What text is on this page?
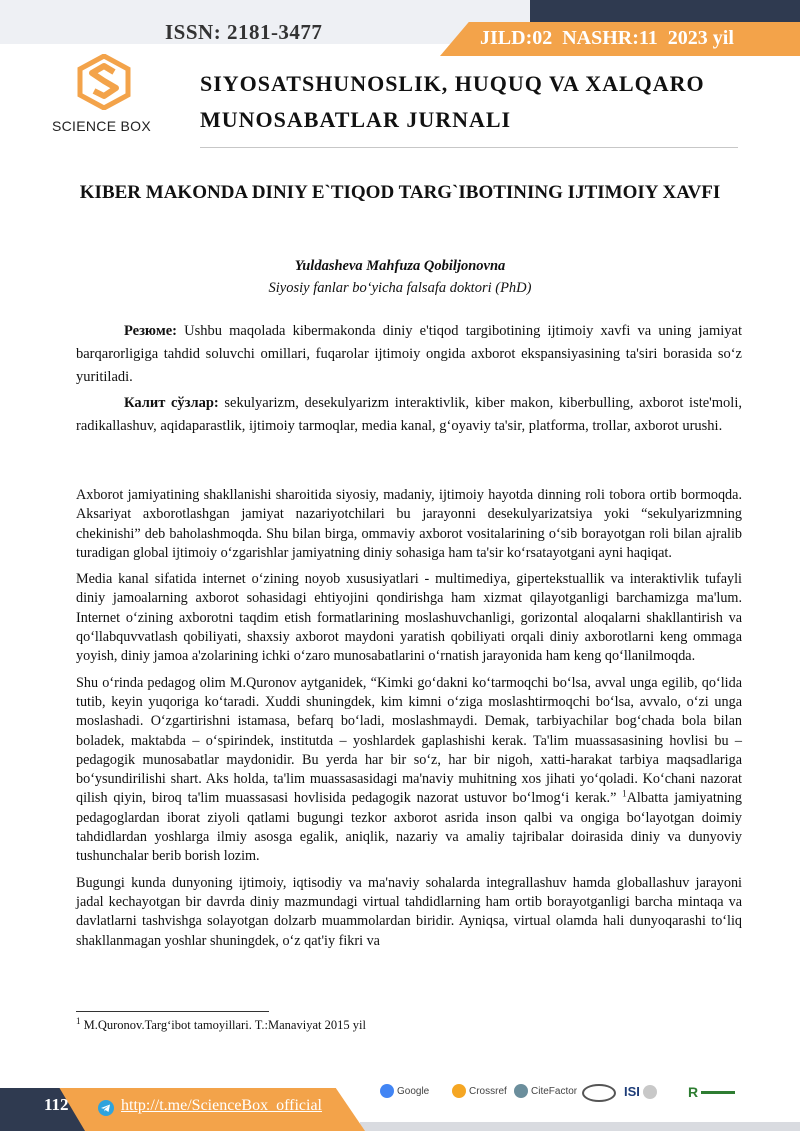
ISSN: 2181-3477	JILD:02  NASHR:11  2023 yil
SCIENCE BOX
SIYOSATSHUNOSLIK, HUQUQ VA XALQARO MUNOSABATLAR JURNALI
KIBER MAKONDA DINIY E`TIQOD TARG`IBOTINING IJTIMOIY XAVFI
Yuldasheva Mahfuza Qobiljonovna
Siyosiy fanlar bo‘yicha falsafa doktori (PhD)

Резюме: Ushbu maqolada kibermakonda diniy e'tiqod targibotining ijtimoiy xavfi va uning jamiyat barqarorligiga tahdid soluvchi omillari, fuqarolar ijtimoiy ongida axborot ekspansiyasining ta'siri borasida so‘z yuritiladi.

Калит сўзлар: sekulyarizm, desekulyarizm interaktivlik, kiber makon, kiberbulling, axborot iste'moli, radikallashuv, aqidaparastlik, ijtimoiy tarmoqlar, media kanal, g‘oyaviy ta'sir, platforma, trollar, axborot urushi.

Axborot jamiyatining shakllanishi sharoitida siyosiy, madaniy, ijtimoiy hayotda dinning roli tobora ortib bormoqda. Aksariyat axborotlashgan jamiyat nazariyotchilari bu jarayonni desekulyarizatsiya yoki “sekulyarizmning chekinishi” deb baholashmoqda. Shu bilan birga, ommaviy axborot vositalarining o‘sib borayotgan roli bilan ajralib turadigan global ijtimoiy o‘zgarishlar jamiyatning diniy sohasiga ham ta'sir ko‘rsatayotgani ayni haqiqat.

Media kanal sifatida internet o‘zining noyob xususiyatlari - multimediya, gipertekstuallik va interaktivlik tufayli diniy jamoalarning axborot sohasidagi ehtiyojini qondirishga ham xizmat qilayotganligi barchamizga ma'lum. Internet o‘zining axborotni taqdim etish formatlarining moslashuvchanligi, gorizontal aloqalarni shakllantirish va qo‘llabquvvatlash qobiliyati, shaxsiy axborot maydoni yaratish qobiliyati orqali diniy axborotlarni keng ommaga yoyish, diniy jamoa a'zolarining ichki o‘zaro munosabatlarini o‘rnatish jarayonida ham keng qo‘llanilmoqda.

Shu o‘rinda pedagog olim M.Quronov aytganidek, “Kimki go‘dakni ko‘tarmoqchi bo‘lsa, avval unga egilib, qo‘lida tutib, keyin yuqoriga ko‘taradi. Xuddi shuningdek, kim kimni o‘ziga moslashtirmoqchi bo‘lsa, avvalo, o‘zi unga moslashadi. O‘zgartirishni istamasa, befarq bo‘ladi, moslashmaydi. Demak, tarbiyachilar bog‘chada bola bilan boladek, maktabda – o‘spirindek, institutda – yoshlardek gaplashishi kerak. Ta'lim muassasasining hovlisi bu – pedagogik munosabatlar maydonidir. Bu yerda har bir so‘z, har bir nigoh, xatti-harakat tarbiya maqsadlariga bo‘ysundirilishi shart. Aks holda, ta'lim muassasasidagi ma'naviy muhitning xos jihati yo‘qoladi. Ko‘chani nazorat qilish qiyin, biroq ta'lim muassasasi hovlisida pedagogik nazorat ustuvor bo‘lmog‘i kerak.” $^1$Albatta jamiyatning pedagoglardan iborat ziyoli qatlami bugungi tezkor axborot asrida inson qalbi va ongiga bo‘layotgan doimiy tahdidlardan yoshlarga ilmiy asosga egalik, aniqlik, nazariy va amaliy tajribalar doirasida diniy va dunyoviy tushunchalar berib borish lozim.

Bugungi kunda dunyoning ijtimoiy, iqtisodiy va ma'naviy sohalarda integrallashuv hamda globallashuv jarayoni jadal kechayotgan bir davrda diniy mazmundagi virtual tahdidlarning ham ortib borayotganligi barcha mintaqa va davlatlarni tashvishga solayotgan dolzarb muammolardan biridir. Ayniqsa, virtual olamda hali dunyoqarashi to‘liq shakllanmagan yoshlar shuningdek, o‘z qat'iy fikri va

$^1$ M.Quronov.Targ‘ibot tamoyillari. T.:Manaviyat 2015 yil
112	http://t.me/ScienceBox_official
Google	Crossref CiteFactor	ISI	R
